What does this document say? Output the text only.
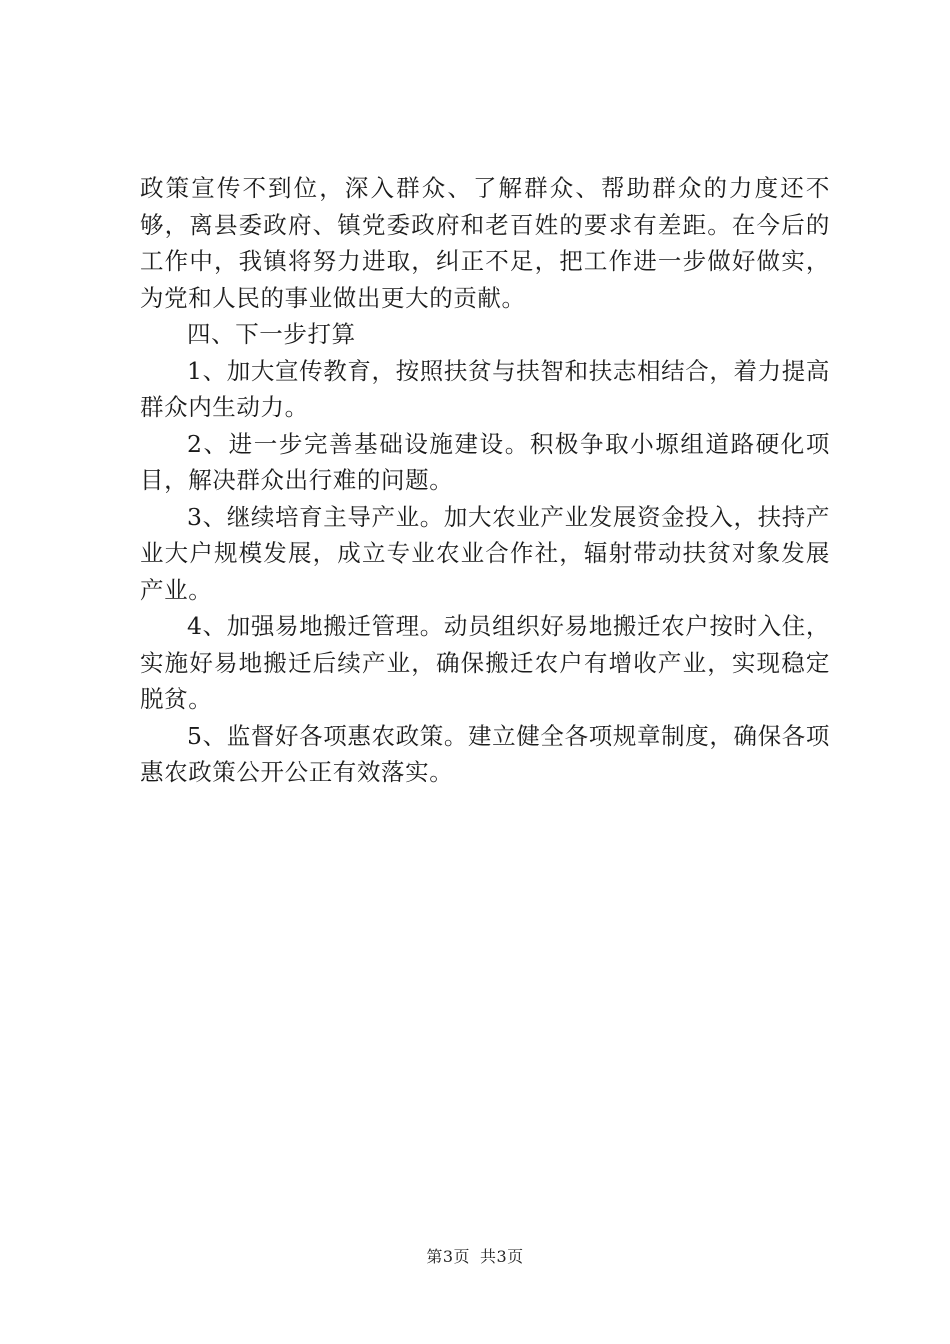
政策宣传不到位，深入群众、了解群众、帮助群众的力度还不够，离县委政府、镇党委政府和老百姓的要求有差距。在今后的工作中，我镇将努力进取，纠正不足，把工作进一步做好做实，为党和人民的事业做出更大的贡献。

四、下一步打算

1、加大宣传教育，按照扶贫与扶智和扶志相结合，着力提高群众内生动力。

2、进一步完善基础设施建设。积极争取小塬组道路硬化项目，解决群众出行难的问题。

3、继续培育主导产业。加大农业产业发展资金投入，扶持产业大户规模发展，成立专业农业合作社，辐射带动扶贫对象发展产业。

4、加强易地搬迁管理。动员组织好易地搬迁农户按时入住，实施好易地搬迁后续产业，确保搬迁农户有增收产业，实现稳定脱贫。

5、监督好各项惠农政策。建立健全各项规章制度，确保各项惠农政策公开公正有效落实。

第3页 共3页
